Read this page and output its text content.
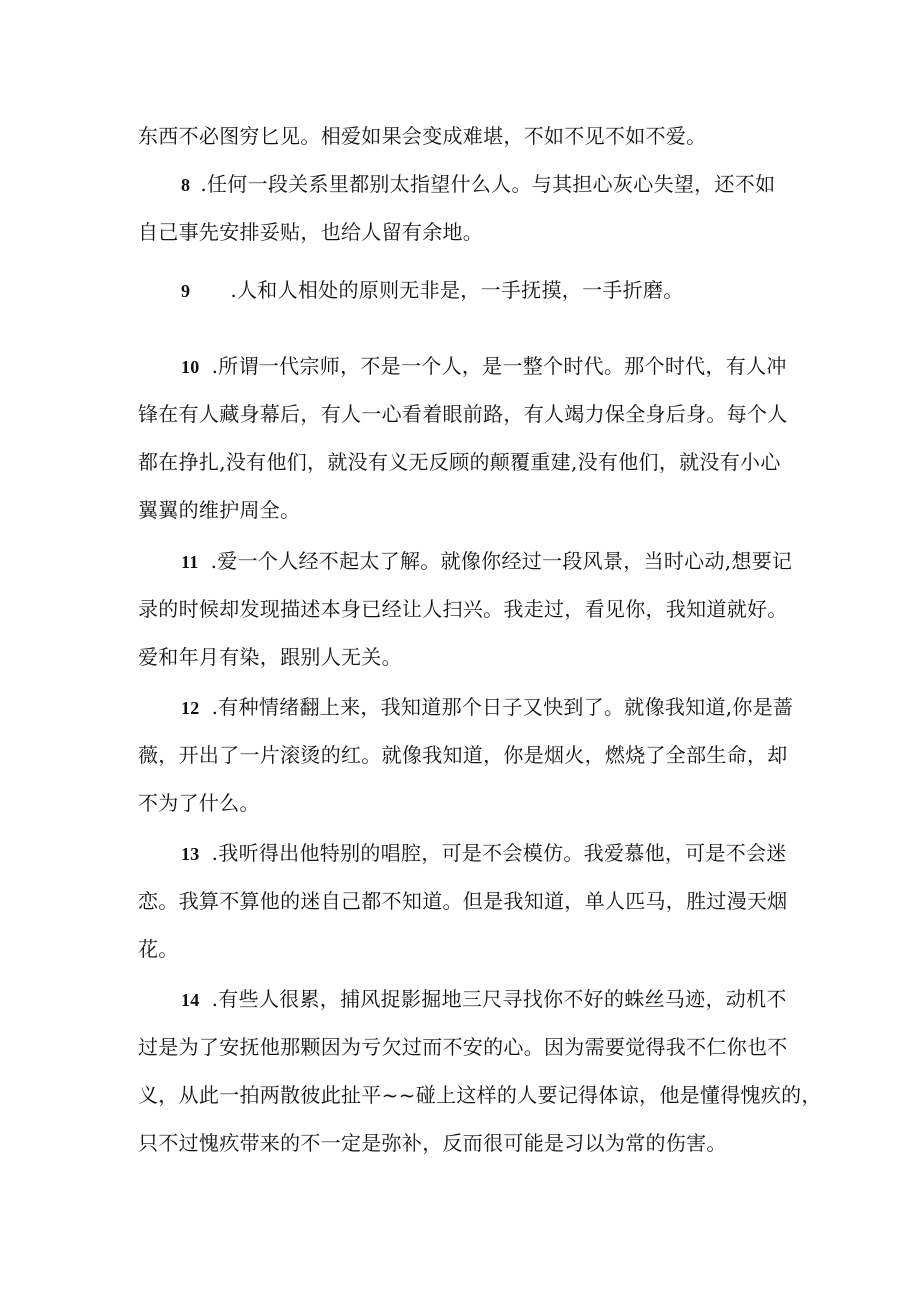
东西不必图穷匕见。相爱如果会变成难堪，不如不见不如不爱。
8 .任何一段关系里都别太指望什么人。与其担心灰心失望，还不如
自己事先安排妥贴，也给人留有余地。
9 .人和人相处的原则无非是，一手抚摸，一手折磨。
10 .所谓一代宗师，不是一个人，是一整个时代。那个时代，有人冲
锋在有人藏身幕后，有人一心看着眼前路，有人竭力保全身后身。每个人
都在挣扎,没有他们，就没有义无反顾的颠覆重建,没有他们，就没有小心
翼翼的维护周全。
11 .爱一个人经不起太了解。就像你经过一段风景，当时心动,想要记
录的时候却发现描述本身已经让人扫兴。我走过，看见你，我知道就好。
爱和年月有染，跟别人无关。
12 .有种情绪翻上来，我知道那个日子又快到了。就像我知道,你是蔷
薇，开出了一片滚烫的红。就像我知道，你是烟火，燃烧了全部生命，却
不为了什么。
13 .我听得出他特别的唱腔，可是不会模仿。我爱慕他，可是不会迷
恋。我算不算他的迷自己都不知道。但是我知道，单人匹马，胜过漫天烟
花。
14 .有些人很累，捕风捉影掘地三尺寻找你不好的蛛丝马迹，动机不
过是为了安抚他那颗因为亏欠过而不安的心。因为需要觉得我不仁你也不
义，从此一拍两散彼此扯平~~碰上这样的人要记得体谅，他是懂得愧疚的，
只不过愧疚带来的不一定是弥补，反而很可能是习以为常的伤害。
